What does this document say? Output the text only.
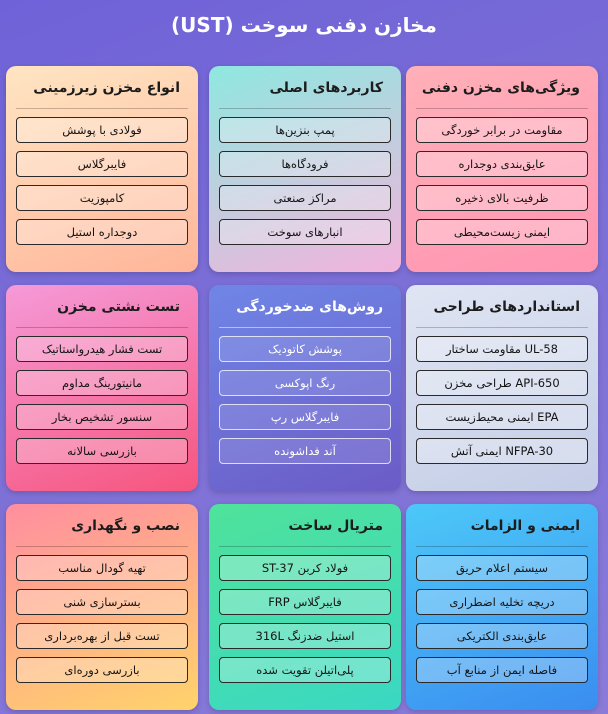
مخازن دفنی سوخت (UST)
ویژگی‌های مخزن دفنی
مقاومت در برابر خوردگی
عایق‌بندی دوجداره
ظرفیت بالای ذخیره
ایمنی زیست‌محیطی
کاربردهای اصلی
پمپ بنزین‌ها
فرودگاه‌ها
مراکز صنعتی
انبارهای سوخت
انواع مخزن زیرزمینی
فولادی با پوشش
فایبرگلاس
کامپوزیت
دوجداره استیل
استانداردهای طراحی
UL-58 مقاومت ساختار
API-650 طراحی مخزن
EPA ایمنی محیط‌زیست
NFPA-30 ایمنی آتش
روش‌های ضدخوردگی
پوشش کاتودیک
رنگ اپوکسی
فایبرگلاس رپ
آند فداشونده
تست نشتی مخزن
تست فشار هیدرواستاتیک
مانیتورینگ مداوم
سنسور تشخیص بخار
بازرسی سالانه
ایمنی و الزامات
سیستم اعلام حریق
دریچه تخلیه اضطراری
عایق‌بندی الکتریکی
فاصله ایمن از منابع آب
متریال ساخت
فولاد کربن ST-37
فایبرگلاس FRP
استیل ضدزنگ 316L
پلی‌اتیلن تقویت شده
نصب و نگهداری
تهیه گودال مناسب
بسترسازی شنی
تست قبل از بهره‌برداری
بازرسی دوره‌ای
